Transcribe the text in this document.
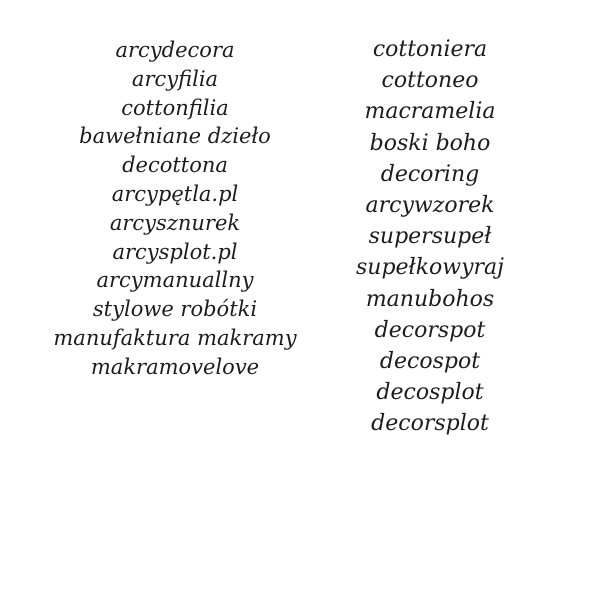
arcydecora
arcyfilia
cottonfilia
bawełniane dzieło
decottona
arcypętla.pl
arcysznurek
arcysplot.pl
arcymanuallny
stylowe robótki
manufaktura makramy
makramovelove
cottoniera
cottoneo
macramelia
boski boho
decoring
arcywzorek
supersupeł
supełkowyraj
manubohos
decorspot
decospot
decosplot
decorsplot
